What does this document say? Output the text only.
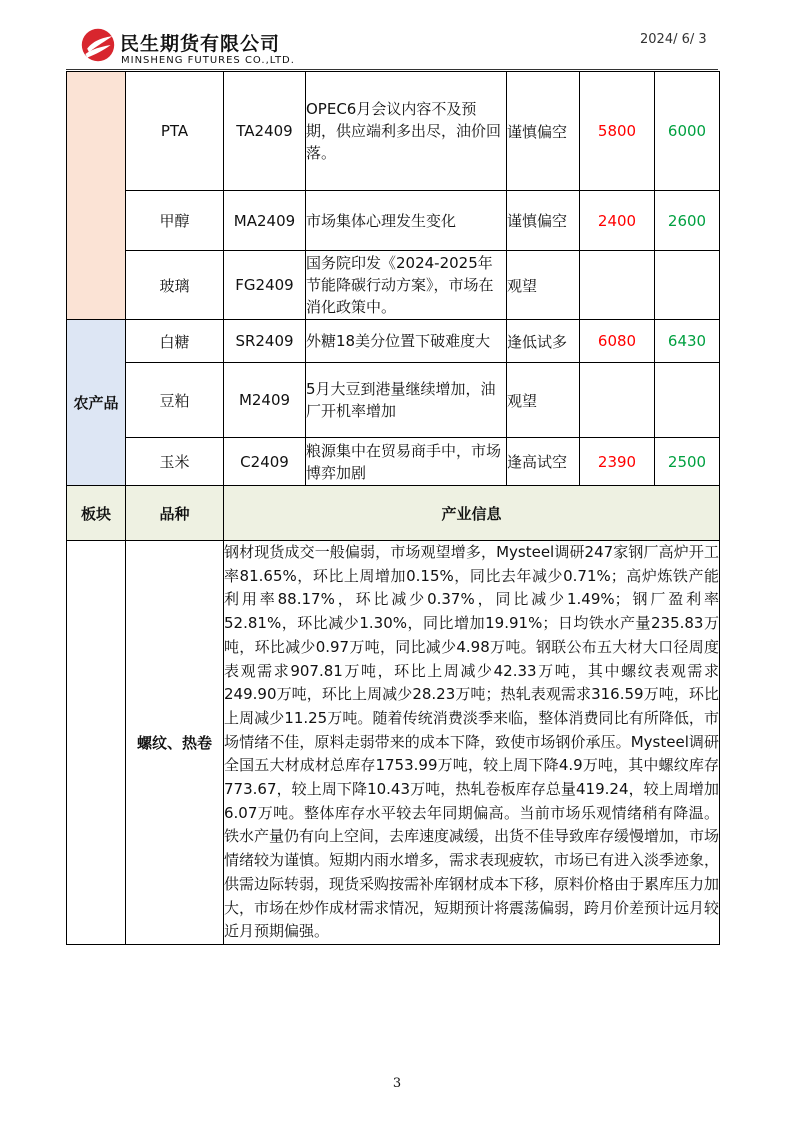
民生期货有限公司
MINSHENG FUTURES CO.,LTD.
2024/ 6/ 3
	PTA	TA2409	OPEC6月会议内容不及预期，供应端利多出尽，油价回落。	谨慎偏空	5800	6000
	甲醇	MA2409	市场集体心理发生变化	谨慎偏空	2400	2600
	玻璃	FG2409	国务院印发《2024-2025年节能降碳行动方案》，市场在消化政策中。	观望		
农产品	白糖	SR2409	外糖18美分位置下破难度大	逢低试多	6080	6430
	豆粕	M2409	5月大豆到港量继续增加，油厂开机率增加	观望		
	玉米	C2409	粮源集中在贸易商手中，市场博弈加剧	逢高试空	2390	2500
板块	品种	产业信息				
	螺纹、热卷	钢材现货成交一般偏弱，市场观望增多，Mysteel调研247家钢厂高炉开工率81.65%，环比上周增加0.15%，同比去年减少0.71%；高炉炼铁产能利用率88.17%，环比减少0.37%，同比减少1.49%；钢厂盈利率52.81%，环比减少1.30%，同比增加19.91%；日均铁水产量235.83万吨，环比减少0.97万吨，同比减少4.98万吨。钢联公布五大材大口径周度表观需求907.81万吨，环比上周减少42.33万吨，其中螺纹表观需求249.90万吨，环比上周减少28.23万吨；热轧表观需求316.59万吨，环比上周减少11.25万吨。随着传统消费淡季来临，整体消费同比有所降低，市场情绪不佳，原料走弱带来的成本下降，致使市场钢价承压。Mysteel调研全国五大材成材总库存1753.99万吨，较上周下降4.9万吨，其中螺纹库存773.67，较上周下降10.43万吨，热轧卷板库存总量419.24，较上周增加6.07万吨。整体库存水平较去年同期偏高。当前市场乐观情绪稍有降温。铁水产量仍有向上空间，去库速度减缓，出货不佳导致库存缓慢增加，市场情绪较为谨慎。短期内雨水增多，需求表现疲软，市场已有进入淡季迹象，供需边际转弱，现货采购按需补库钢材成本下移，原料价格由于累库压力加大，市场在炒作成材需求情况，短期预计将震荡偏弱，跨月价差预计远月较近月预期偏强。				
3
